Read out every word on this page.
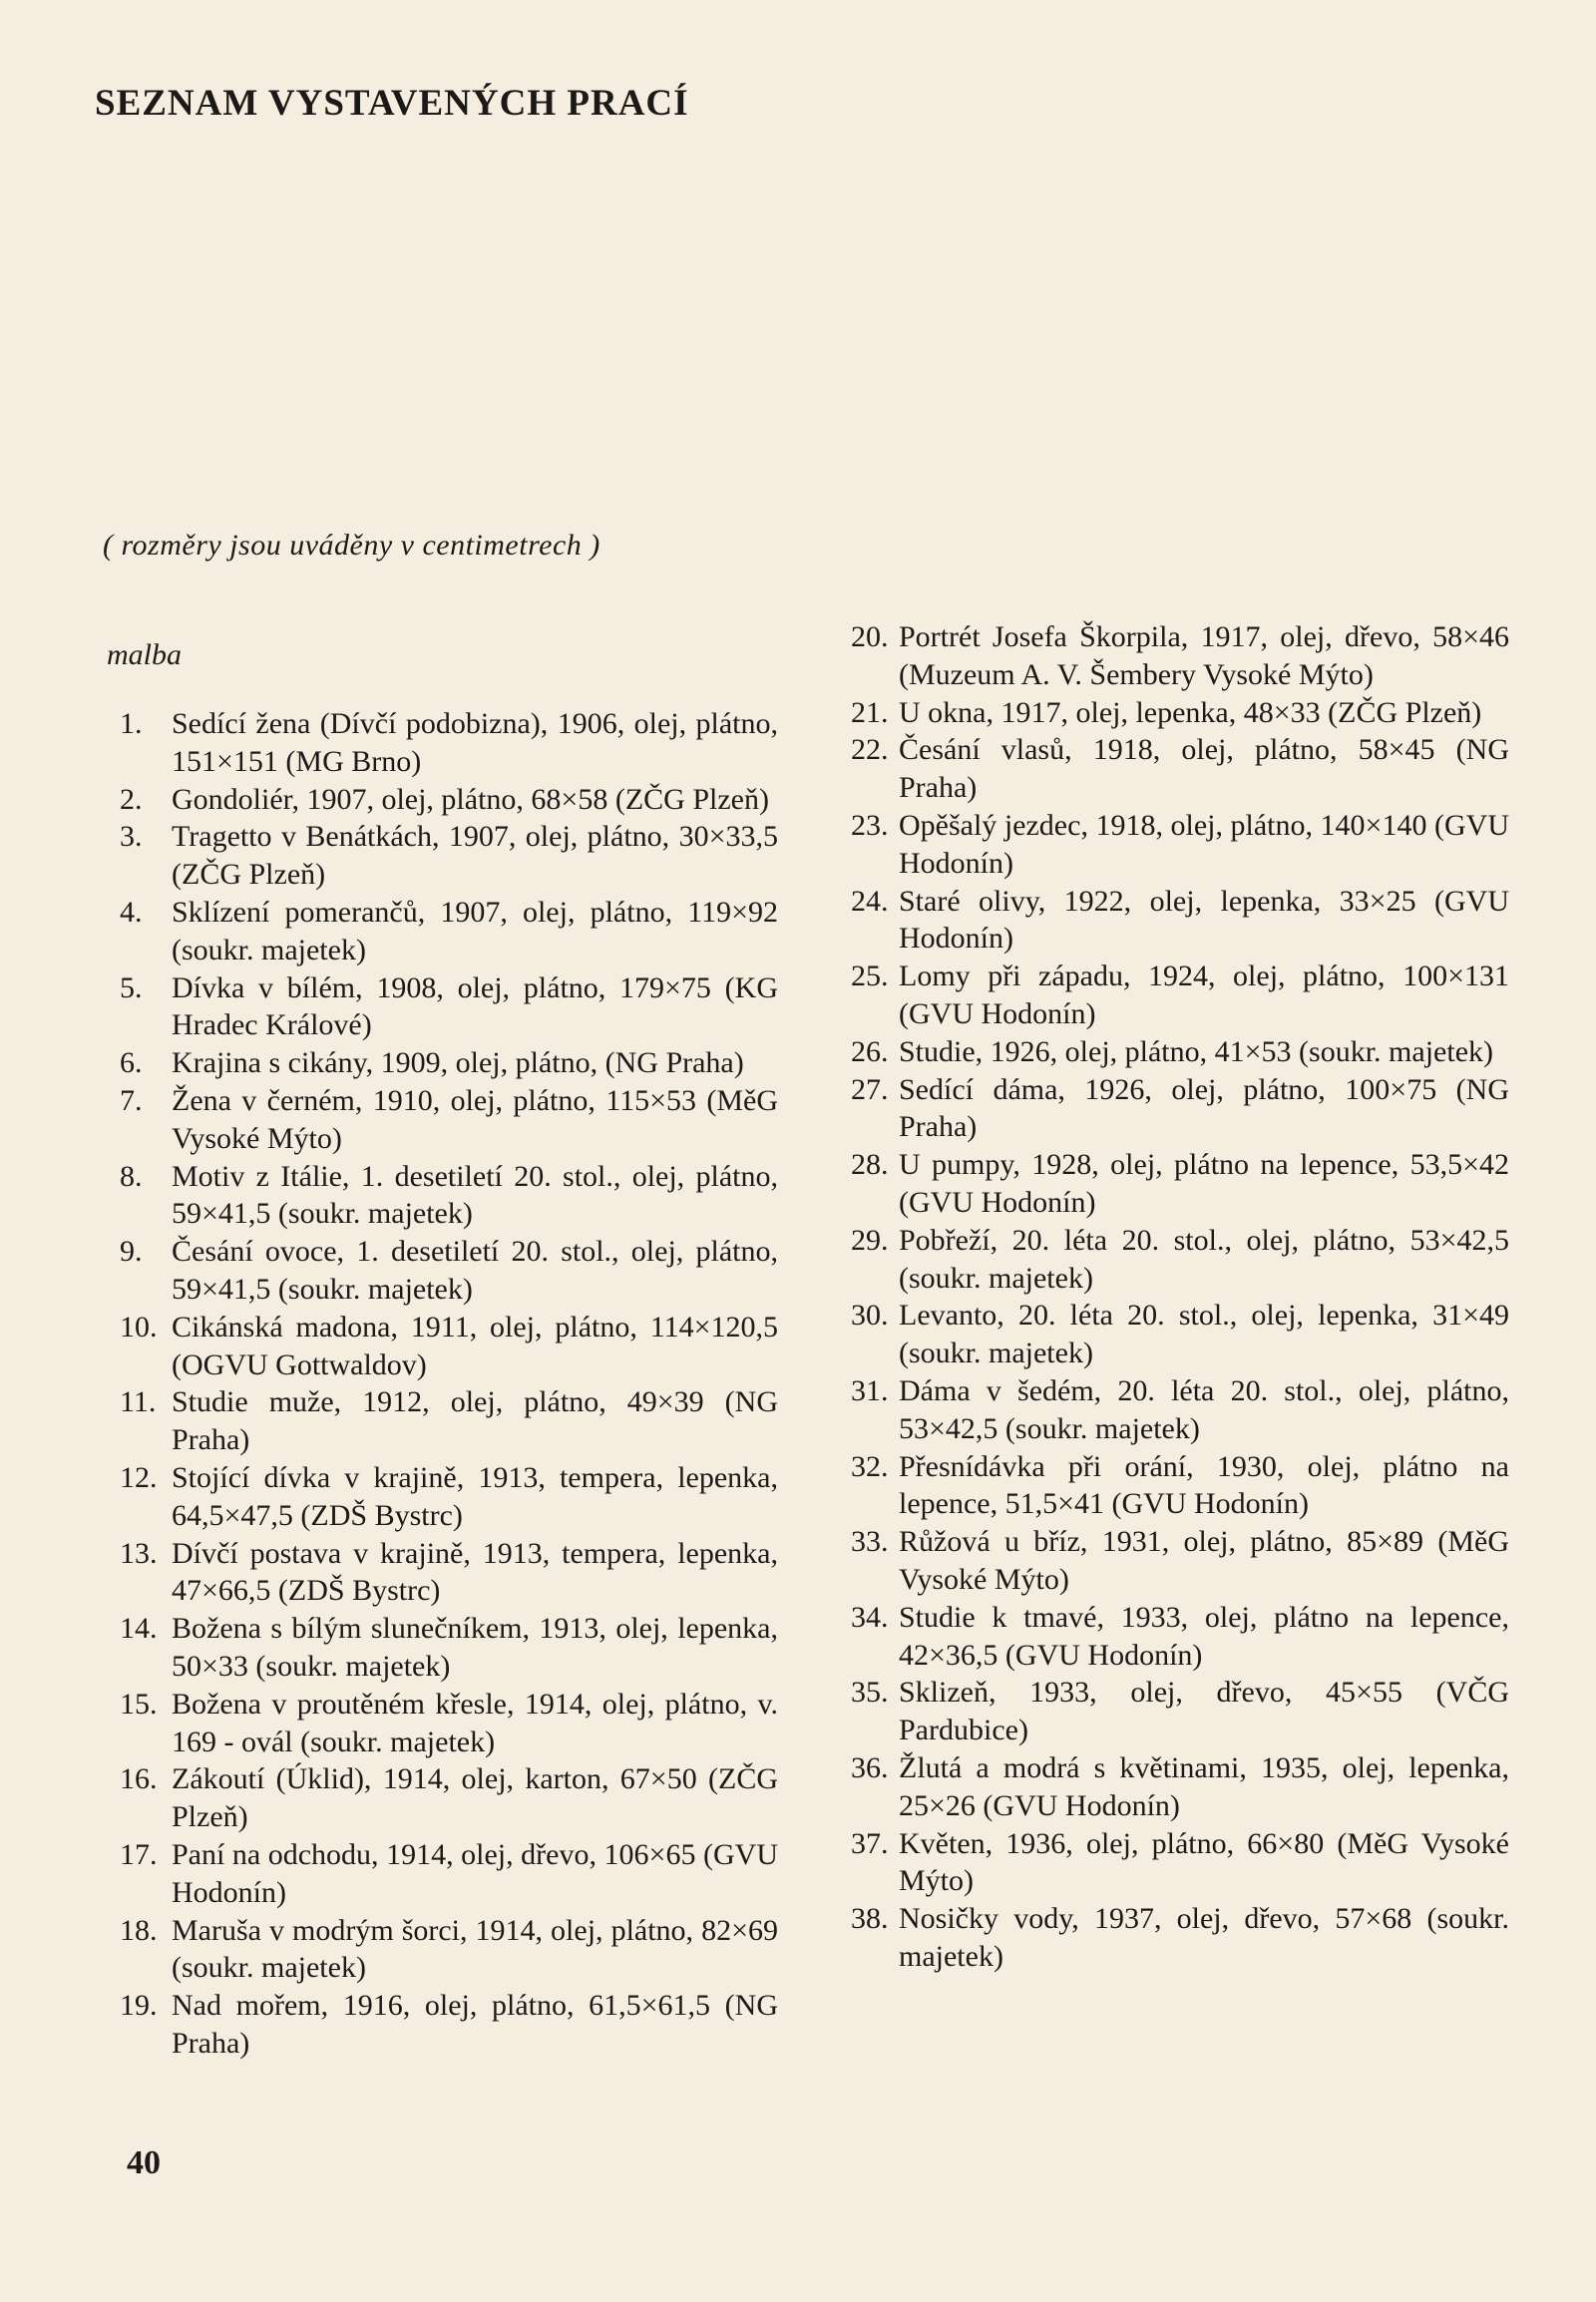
SEZNAM VYSTAVENÝCH PRACÍ
( rozměry jsou uváděny v centimetrech )
malba
1. Sedící žena (Dívčí podobizna), 1906, olej, plátno, 151×151 (MG Brno)
2. Gondoliér, 1907, olej, plátno, 68×58 (ZČG Plzeň)
3. Tragetto v Benátkách, 1907, olej, plátno, 30×33,5 (ZČG Plzeň)
4. Sklízení pomerančů, 1907, olej, plátno, 119×92 (soukr. majetek)
5. Dívka v bílém, 1908, olej, plátno, 179×75 (KG Hradec Králové)
6. Krajina s cikány, 1909, olej, plátno, (NG Praha)
7. Žena v černém, 1910, olej, plátno, 115×53 (MěG Vysoké Mýto)
8. Motiv z Itálie, 1. desetiletí 20. stol., olej, plátno, 59×41,5 (soukr. majetek)
9. Česání ovoce, 1. desetiletí 20. stol., olej, plátno, 59×41,5 (soukr. majetek)
10. Cikánská madona, 1911, olej, plátno, 114×120,5 (OGVU Gottwaldov)
11. Studie muže, 1912, olej, plátno, 49×39 (NG Praha)
12. Stojící dívka v krajině, 1913, tempera, lepenka, 64,5×47,5 (ZDŠ Bystrc)
13. Dívčí postava v krajině, 1913, tempera, lepenka, 47×66,5 (ZDŠ Bystrc)
14. Božena s bílým slunečníkem, 1913, olej, lepenka, 50×33 (soukr. majetek)
15. Božena v proutěném křesle, 1914, olej, plátno, v. 169 - ovál (soukr. majetek)
16. Zákoutí (Úklid), 1914, olej, karton, 67×50 (ZČG Plzeň)
17. Paní na odchodu, 1914, olej, dřevo, 106×65 (GVU Hodonín)
18. Maruša v modrým šorci, 1914, olej, plátno, 82×69 (soukr. majetek)
19. Nad mořem, 1916, olej, plátno, 61,5×61,5 (NG Praha)
20. Portrét Josefa Škorpila, 1917, olej, dřevo, 58×46 (Muzeum A. V. Šembery Vysoké Mýto)
21. U okna, 1917, olej, lepenka, 48×33 (ZČG Plzeň)
22. Česání vlasů, 1918, olej, plátno, 58×45 (NG Praha)
23. Opěšalý jezdec, 1918, olej, plátno, 140×140 (GVU Hodonín)
24. Staré olivy, 1922, olej, lepenka, 33×25 (GVU Hodonín)
25. Lomy při západu, 1924, olej, plátno, 100×131 (GVU Hodonín)
26. Studie, 1926, olej, plátno, 41×53 (soukr. majetek)
27. Sedící dáma, 1926, olej, plátno, 100×75 (NG Praha)
28. U pumpy, 1928, olej, plátno na lepence, 53,5×42 (GVU Hodonín)
29. Pobřeží, 20. léta 20. stol., olej, plátno, 53×42,5 (soukr. majetek)
30. Levanto, 20. léta 20. stol., olej, lepenka, 31×49 (soukr. majetek)
31. Dáma v šedém, 20. léta 20. stol., olej, plátno, 53×42,5 (soukr. majetek)
32. Přesnídávka při orání, 1930, olej, plátno na lepence, 51,5×41 (GVU Hodonín)
33. Růžová u bříz, 1931, olej, plátno, 85×89 (MěG Vysoké Mýto)
34. Studie k tmavé, 1933, olej, plátno na lepence, 42×36,5 (GVU Hodonín)
35. Sklizeň, 1933, olej, dřevo, 45×55 (VČG Pardubice)
36. Žlutá a modrá s květinami, 1935, olej, lepenka, 25×26 (GVU Hodonín)
37. Květen, 1936, olej, plátno, 66×80 (MěG Vysoké Mýto)
38. Nosičky vody, 1937, olej, dřevo, 57×68 (soukr. majetek)
40
